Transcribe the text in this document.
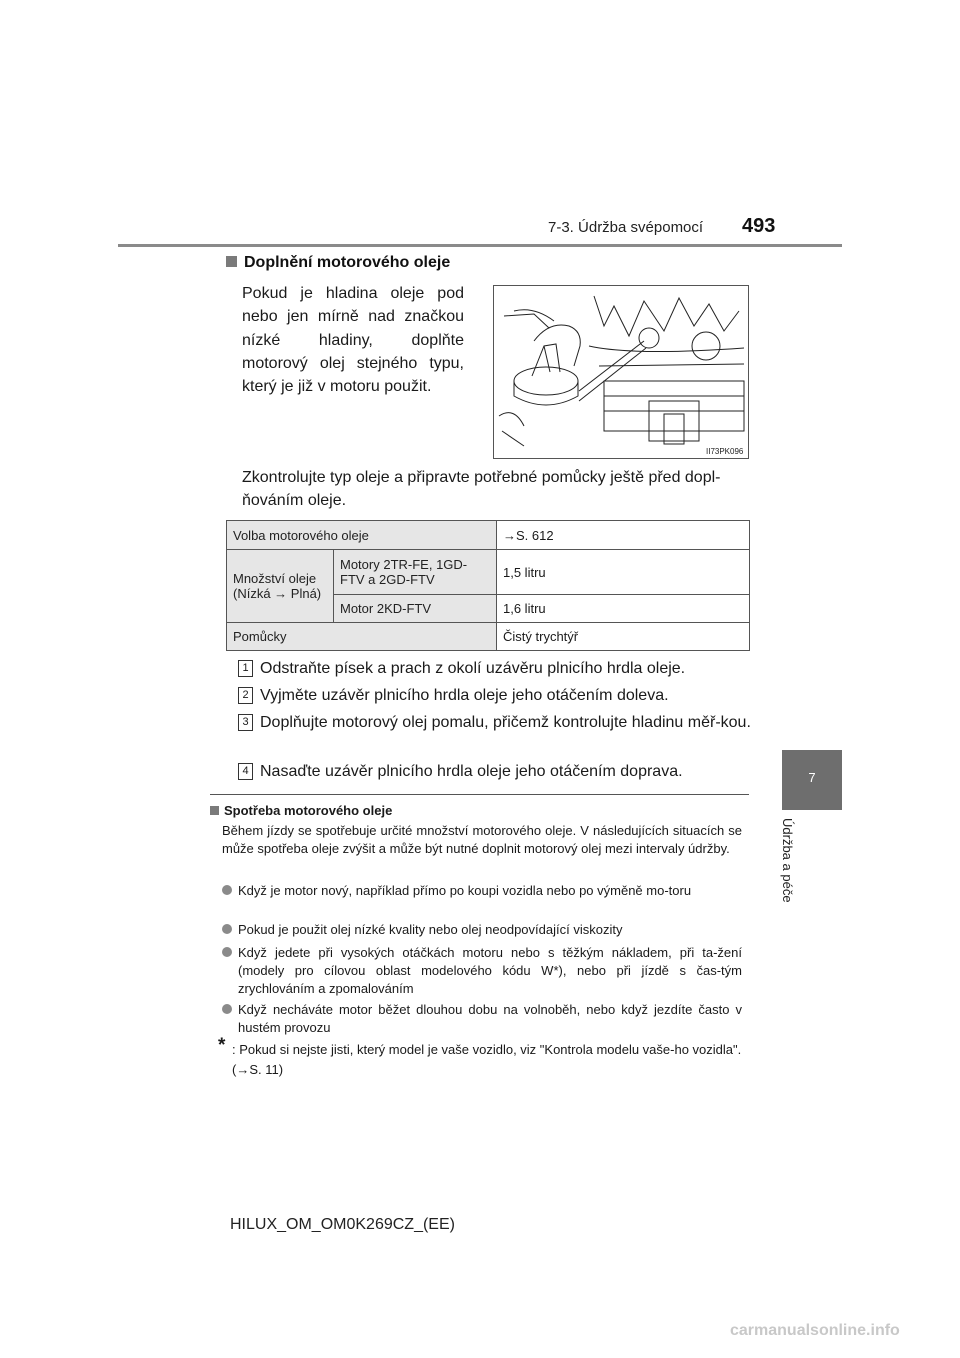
7-3. Údržba svépomocí 493
7
Údržba a péče
Doplnění motorového oleje
Pokud je hladina oleje pod nebo jen mírně nad značkou nízké hladiny, doplňte motorový olej stejného typu, který je již v motoru použit.
II73PK096
Zkontrolujte typ oleje a připravte potřebné pomůcky ještě před dopl-ňováním oleje.
Volba motorového oleje		→S. 612
Množství oleje (Nízká → Plná)	Motory 2TR-FE, 1GD-FTV a 2GD-FTV	1,5 litru
	Motor 2KD-FTV	1,6 litru
Pomůcky		Čistý trychtýř
1 Odstraňte písek a prach z okolí uzávěru plnicího hrdla oleje.
2 Vyjměte uzávěr plnicího hrdla oleje jeho otáčením doleva.
3 Doplňujte motorový olej pomalu, přičemž kontrolujte hladinu měř-kou.
4 Nasaďte uzávěr plnicího hrdla oleje jeho otáčením doprava.
Spotřeba motorového oleje
Během jízdy se spotřebuje určité množství motorového oleje. V následujících situacích se může spotřeba oleje zvýšit a může být nutné doplnit motorový olej mezi intervaly údržby.
Když je motor nový, například přímo po koupi vozidla nebo po výměně mo-toru
Pokud je použit olej nízké kvality nebo olej neodpovídající viskozity
Když jedete při vysokých otáčkách motoru nebo s těžkým nákladem, při ta-žení (modely pro cílovou oblast modelového kódu W*), nebo při jízdě s čas-tým zrychlováním a zpomalováním
Když necháváte motor běžet dlouhou dobu na volnoběh, nebo když jezdíte často v hustém provozu
* : Pokud si nejste jisti, který model je vaše vozidlo, viz "Kontrola modelu vaše-ho vozidla". (→S. 11)
HILUX_OM_OM0K269CZ_(EE)
carmanualsonline.info
